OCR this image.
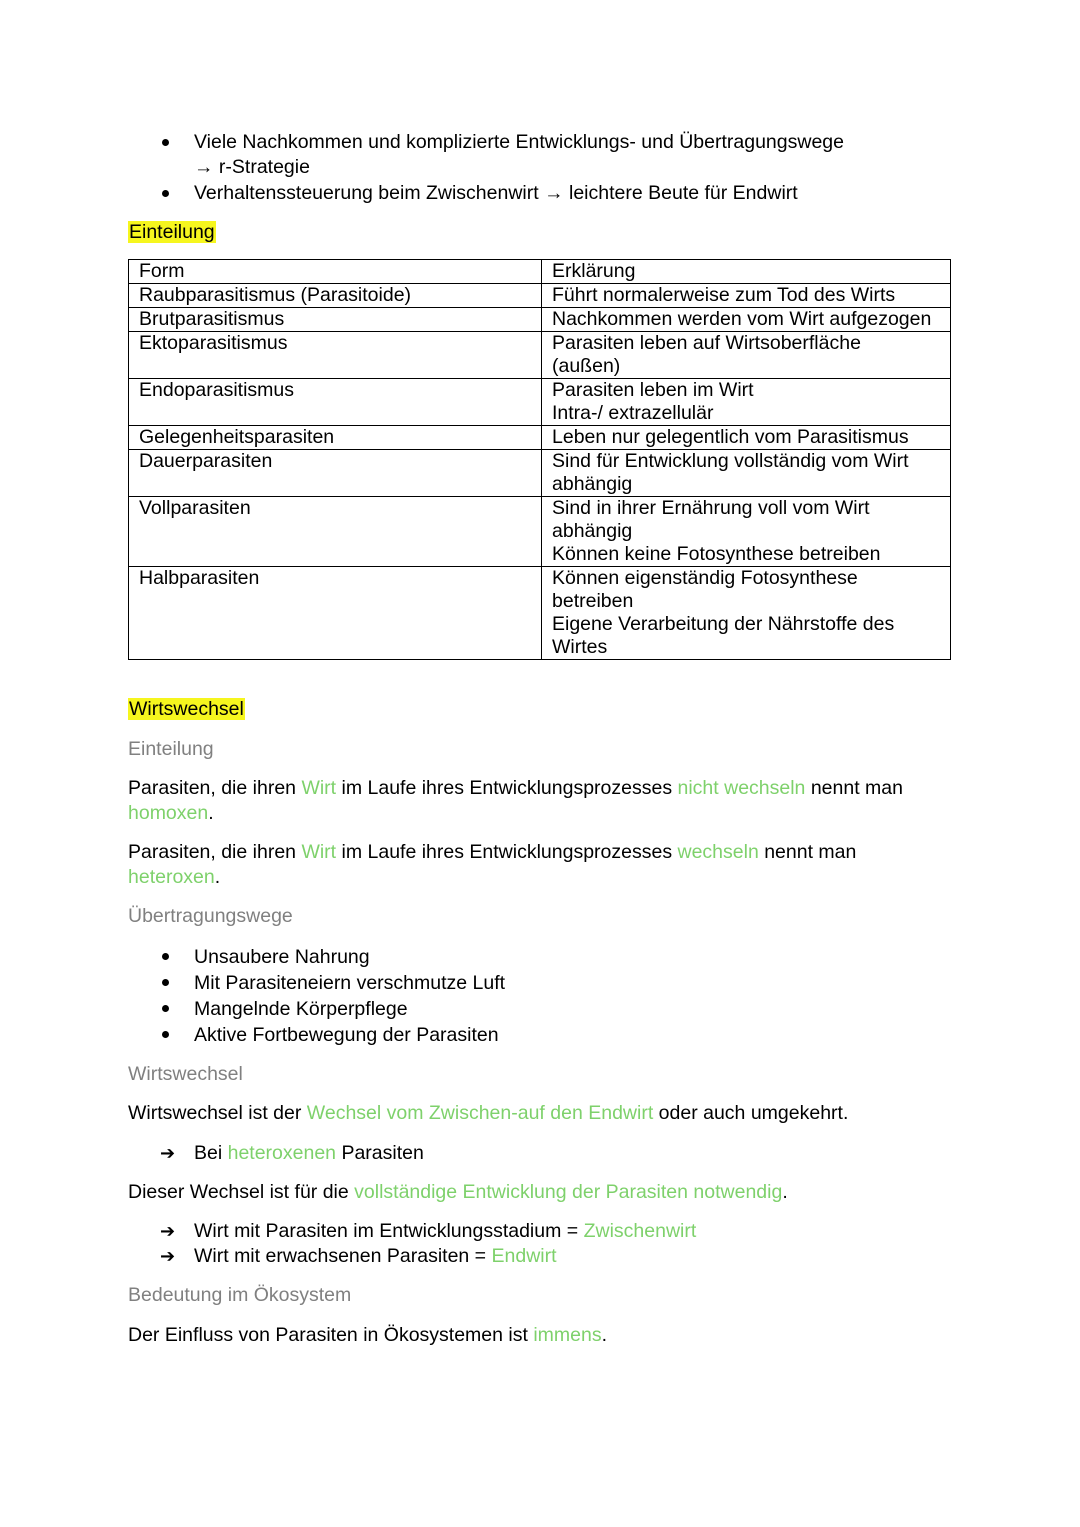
Viele Nachkommen und komplizierte Entwicklungs- und Übertragungswege
→ r-Strategie
Verhaltenssteuerung beim Zwischenwirt → leichtere Beute für Endwirt
Einteilung
Form	Erklärung
Raubparasitismus (Parasitoide)	Führt normalerweise zum Tod des Wirts

Brutparasitismus	Nachkommen werden vom Wirt aufgezogen

Ektoparasitismus	Parasiten leben auf Wirtsoberfläche
(außen)

Endoparasitismus	Parasiten leben im Wirt
Intra-/ extrazellulär

Gelegenheitsparasiten	Leben nur gelegentlich vom Parasitismus

Dauerparasiten	Sind für Entwicklung vollständig vom Wirt
abhängig

Vollparasiten	Sind in ihrer Ernährung voll vom Wirt
abhängig
Können keine Fotosynthese betreiben

Halbparasiten	Können eigenständig Fotosynthese
betreiben
Eigene Verarbeitung der Nährstoffe des
Wirtes
Wirtswechsel
Einteilung
Parasiten, die ihren Wirt im Laufe ihres Entwicklungsprozesses nicht wechseln nennt man
homoxen.
Parasiten, die ihren Wirt im Laufe ihres Entwicklungsprozesses wechseln nennt man
heteroxen.
Übertragungswege
Unsaubere Nahrung
Mit Parasiteneiern verschmutze Luft
Mangelnde Körperpflege
Aktive Fortbewegung der Parasiten
Wirtswechsel
Wirtswechsel ist der Wechsel vom Zwischen-auf den Endwirt oder auch umgekehrt.
➔ Bei heteroxenen Parasiten
Dieser Wechsel ist für die vollständige Entwicklung der Parasiten notwendig.
➔ Wirt mit Parasiten im Entwicklungsstadium = Zwischenwirt
➔ Wirt mit erwachsenen Parasiten = Endwirt
Bedeutung im Ökosystem
Der Einfluss von Parasiten in Ökosystemen ist immens.
